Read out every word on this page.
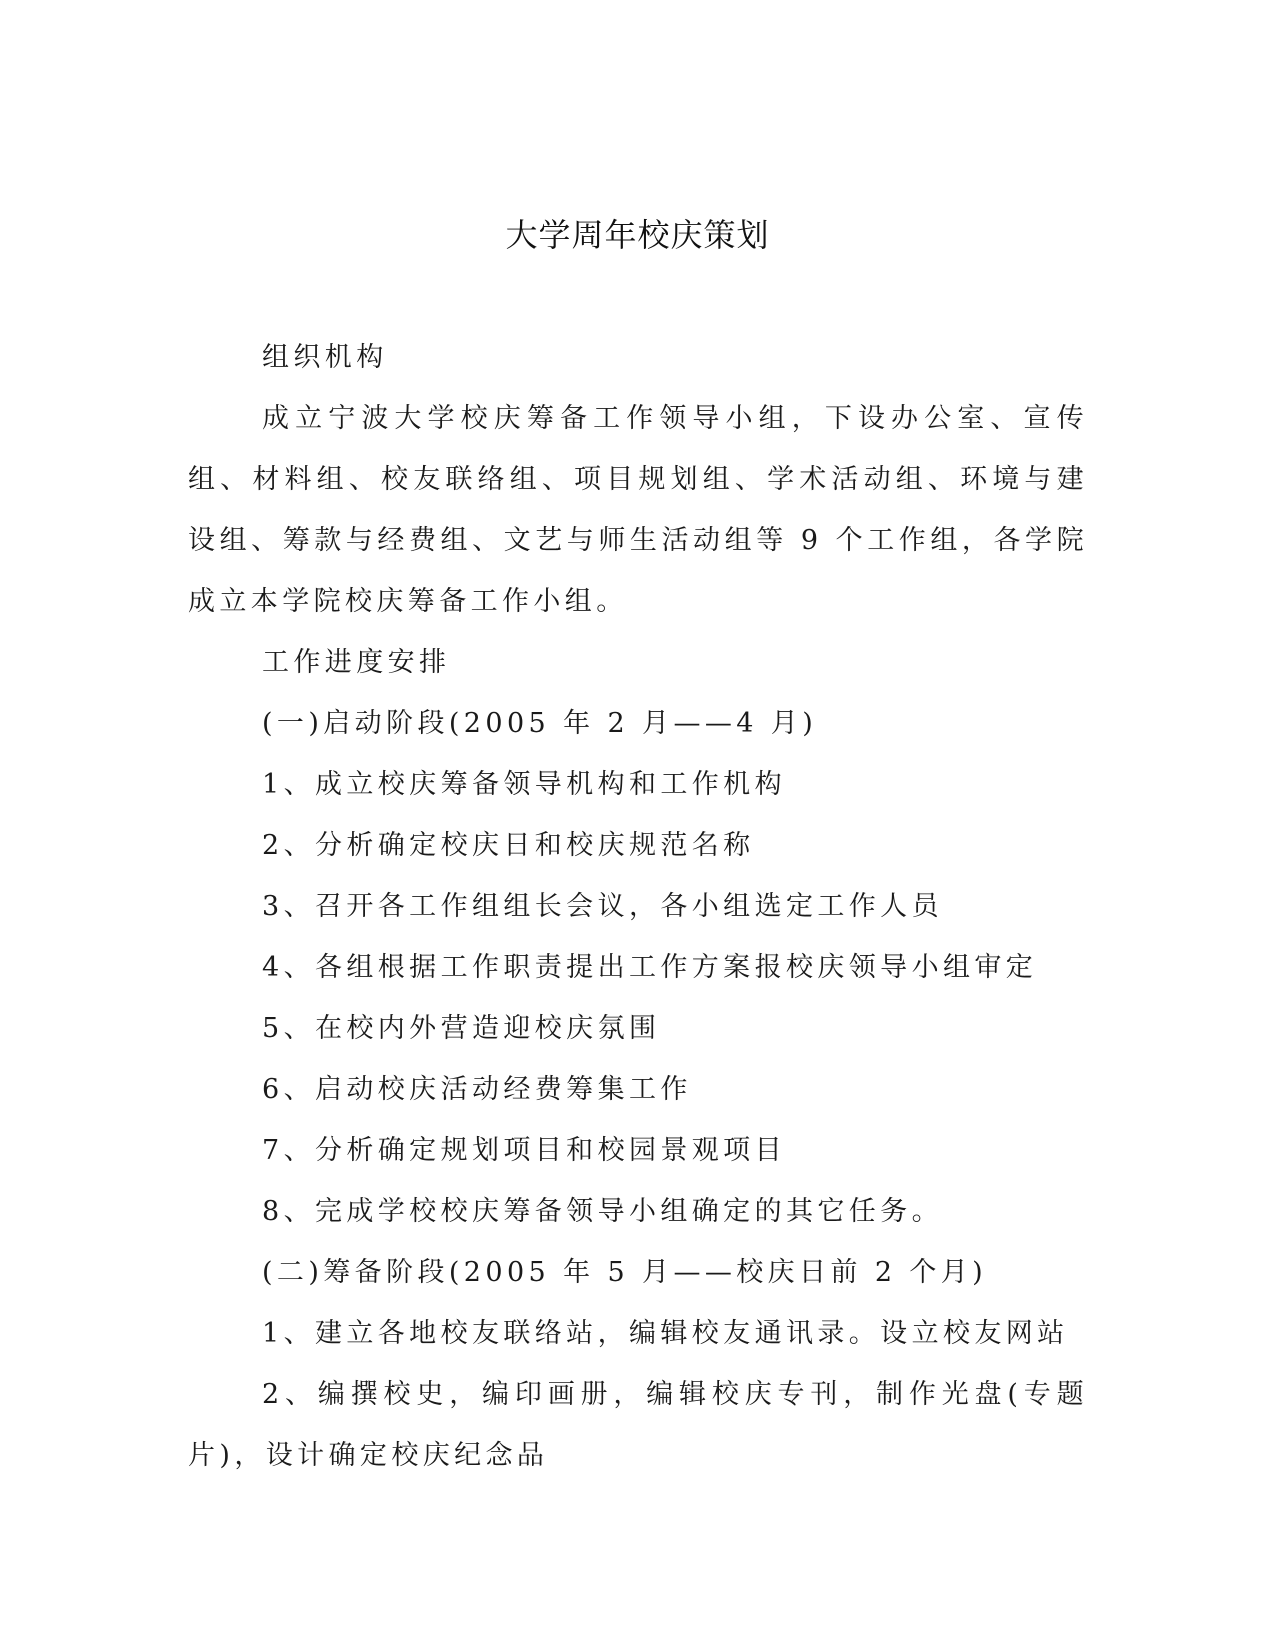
大学周年校庆策划

组织机构

成立宁波大学校庆筹备工作领导小组，下设办公室、宣传组、材料组、校友联络组、项目规划组、学术活动组、环境与建设组、筹款与经费组、文艺与师生活动组等 9 个工作组，各学院成立本学院校庆筹备工作小组。

工作进度安排

(一)启动阶段(2005 年 2 月——4 月)

1、成立校庆筹备领导机构和工作机构

2、分析确定校庆日和校庆规范名称

3、召开各工作组组长会议，各小组选定工作人员

4、各组根据工作职责提出工作方案报校庆领导小组审定

5、在校内外营造迎校庆氛围

6、启动校庆活动经费筹集工作

7、分析确定规划项目和校园景观项目

8、完成学校校庆筹备领导小组确定的其它任务。

(二)筹备阶段(2005 年 5 月——校庆日前 2 个月)

1、建立各地校友联络站，编辑校友通讯录。设立校友网站

2、编撰校史，编印画册，编辑校庆专刊，制作光盘(专题片)，设计确定校庆纪念品
